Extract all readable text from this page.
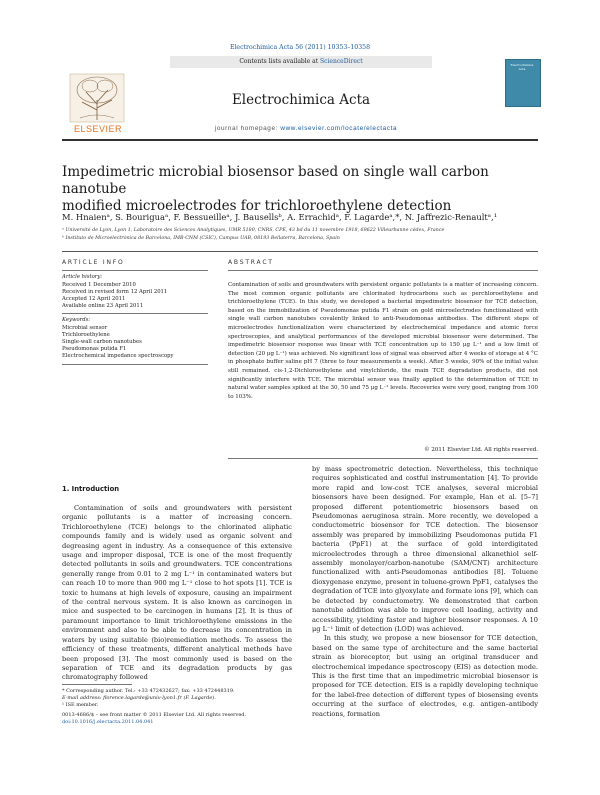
Electrochimica Acta 56 (2011) 10353–10358
Contents lists available at ScienceDirect
ELSEVIER
Electrochimica Acta
journal homepage: www.elsevier.com/locate/electacta
Electrochimica Acta
Impedimetric microbial biosensor based on single wall carbon nanotube
modified microelectrodes for trichloroethylene detection
M. Hnaienᵃ, S. Bouriguaᵃ, F. Bessueilleᵃ, J. Bausellsᵇ, A. Errachidᵃ, F. Lagardeᵃ,*, N. Jaffrezic-Renaultᵃ,¹
ᵃ Université de Lyon, Lyon 1, Laboratoire des Sciences Analytiques, UMR 5180, CNRS, CPE, 43 bd du 11 novembre 1918, 69622 Villeurbanne cédex, France
ᵇ Instituto de Microelectrónica de Barcelona, IMB-CNM (CSIC), Campus UAB, 08193 Bellaterra, Barcelona, Spain
ARTICLE INFO
Article history:
Received 1 December 2010
Received in revised form 12 April 2011
Accepted 12 April 2011
Available online 23 April 2011
Keywords:
Microbial sensor
Trichloroethylene
Single-wall carbon nanotubes
Pseudomonas putida F1
Electrochemical impedance spectroscopy
ABSTRACT
Contamination of soils and groundwaters with persistent organic pollutants is a matter of increasing concern. The most common organic pollutants are chlorinated hydrocarbons such as perchloroethylene and trichloroethylene (TCE). In this study, we developed a bacterial impedimetric biosensor for TCE detection, based on the immobilization of Pseudomonas putida F1 strain on gold microelectrodes functionalized with single wall carbon nanotubes covalently linked to anti-Pseudomonas antibodies. The different steps of microelectrodes functionalization were characterized by electrochemical impedance and atomic force spectroscopies, and analytical performances of the developed microbial biosensor were determined. The impedimetric biosensor response was linear with TCE concentration up to 150 μg L⁻¹ and a low limit of detection (20 μg L⁻¹) was achieved. No significant loss of signal was observed after 4 weeks of storage at 4 °C in phosphate buffer saline pH 7 (three to four measurements a week). After 5 weeks, 90% of the initial value still remained. cis-1,2-Dichloroethylene and vinylchloride, the main TCE degradation products, did not significantly interfere with TCE. The microbial sensor was finally applied to the determination of TCE in natural water samples spiked at the 30, 50 and 75 μg L⁻¹ levels. Recoveries were very good, ranging from 100 to 103%.
© 2011 Elsevier Ltd. All rights reserved.
1. Introduction

Contamination of soils and groundwaters with persistent organic pollutants is a matter of increasing concern. Trichloroethylene (TCE) belongs to the chlorinated aliphatic compounds family and is widely used as organic solvent and degreasing agent in industry. As a consequence of this extensive usage and improper disposal, TCE is one of the most frequently detected pollutants in soils and groundwaters. TCE concentrations generally range from 0.01 to 2 mg L⁻¹ in contaminated waters but can reach 10 to more than 900 mg L⁻¹ close to hot spots [1]. TCE is toxic to humans at high levels of exposure, causing an impairment of the central nervous system. It is also known as carcinogen in mice and suspected to be carcinogen in humans [2]. It is thus of paramount importance to limit trichloroethylene emissions in the environment and also to be able to decrease its concentration in waters by using suitable (bio)remediation methods. To assess the efficiency of these treatments, different analytical methods have been proposed [3]. The most commonly used is based on the separation of TCE and its degradation products by gas chromatography followed

by mass spectrometric detection. Nevertheless, this technique requires sophisticated and costful instrumentation [4]. To provide more rapid and low-cost TCE analyses, several microbial biosensors have been designed. For example, Han et al. [5–7] proposed different potentiometric biosensors based on Pseudomonas aeruginosa strain. More recently, we developed a conductometric biosensor for TCE detection. The biosensor assembly was prepared by immobilizing Pseudomonas putida F1 bacteria (PpF1) at the surface of gold interdigitated microelectrodes through a three dimensional alkanethiol self-assembly monolayer/carbon-nanotube (SAM/CNT) architecture functionalized with anti-Pseudomonas antibodies [8]. Toluene dioxygenase enzyme, present in toluene-grown PpF1, catalyses the degradation of TCE into glyoxylate and formate ions [9], which can be detected by conductometry. We demonstrated that carbon nanotube addition was able to improve cell loading, activity and accessibility, yielding faster and higher biosensor responses. A 10 μg L⁻¹ limit of detection (LOD) was achieved.

In this study, we propose a new biosensor for TCE detection, based on the same type of architecture and the same bacterial strain as bioreceptor, but using an original transducer and electrochemical impedance spectroscopy (EIS) as detection mode. This is the first time that an impedimetric microbial biosensor is proposed for TCE detection. EIS is a rapidly developing technique for the label-free detection of different types of biosensing events occurring at the surface of electrodes, e.g. antigen–antibody reactions, formation

* Corresponding author. Tel.: +33 472432627; fax: +33 472448319.
E-mail address: florence.lagarde@univ-lyon1.fr (F. Lagarde).
¹ ISE member.
0013-4686/$ – see front matter © 2011 Elsevier Ltd. All rights reserved.
doi:10.1016/j.electacta.2011.04.041
